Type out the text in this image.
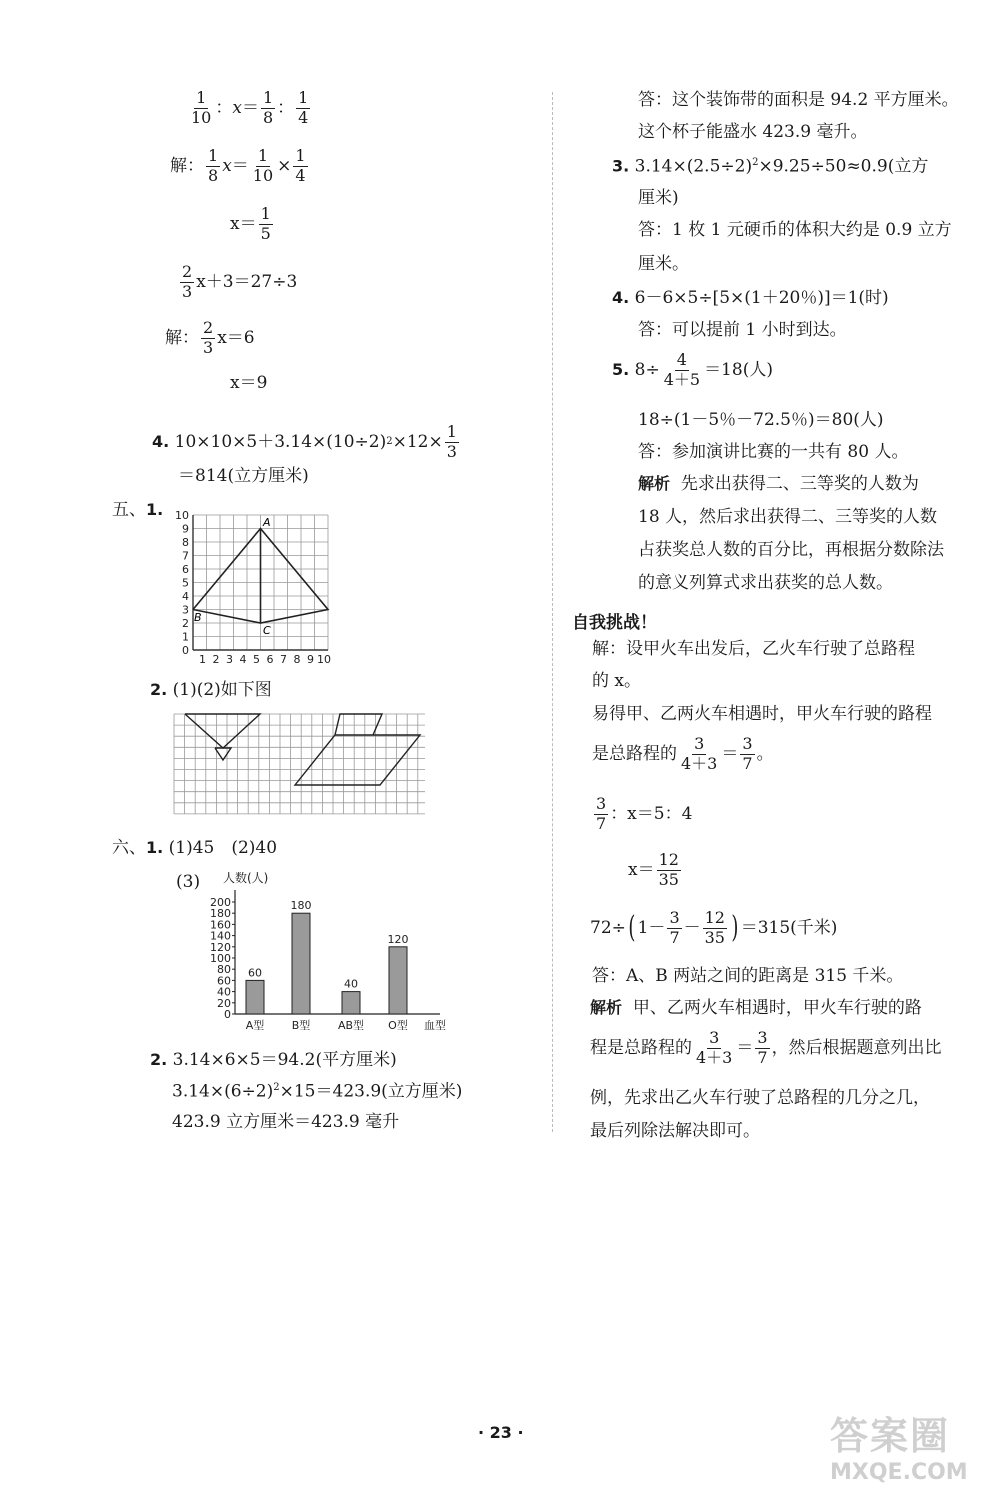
$\frac{1}{10}$ ： $x = \frac{1}{8}$ ： $\frac{1}{4}$
解： $\frac{1}{8}$ $x = \frac{1}{10} \times \frac{1}{4}$
$x= \frac{1}{5}$
$\frac{2}{3} x+3=27\div 3$
解： $\frac{2}{3} x=6$
x＝9
4.
10×10×5＋3.14×(10÷2) $2 \times 12\times \frac{1}{3}$
＝814(立方厘米)
五、1. 10
9
8
7
6
5
4
3
2
1
0
1 2 3 4 5 6 7 8 9 10
A
B
C
2. (1)(2)如下图
六、1. (1)45　(2)40
(3)
0
20
40
60
80
100
120
140
160
180
200
人数(人)
60
A型
180
B型
40
AB型
120
O型 血型
2. 3.14×6×5＝94.2(平方厘米)
$3.14\times(6\div 2)^2\times 15=423.9$(立方厘米)
423.9 立方厘米＝423.9 毫升
答：这个装饰带的面积是 94.2 平方厘米。
这个杯子能盛水 423.9 毫升。
3. $3.14\times(2.5\div 2)^2\times 9.25\div 50\approx 0.9$(立方
厘米)
答：1 枚 1 元硬币的体积大约是 0.9 立方
厘米。
4. 6－6×5÷[5×(1＋20％)]＝1(时)
答：可以提前 1 小时到达。
5.
$8\div \frac{4}{4+5} =18$(人)
18÷(1－5％－72.5％)＝80(人)
答：参加演讲比赛的一共有 80 人。
解析 先求出获得二、三等奖的人数为
18 人，然后求出获得二、三等奖的人数
占获奖总人数的百分比，再根据分数除法
的意义列算式求出获奖的总人数。
自我挑战！
解：设甲火车出发后，乙火车行驶了总路程
的 x。
易得甲、乙两火车相遇时，甲火车行驶的路程
是总路程的 $\frac{3}{4+3} = \frac{3}{7}$ 。
$\frac{3}{7}$ ：x＝5：4
$x= \frac{12}{35}$
72÷ ( $1- \frac{3}{7} - \frac{12}{35}$ ) ＝315(千米)
答：A、B 两站之间的距离是 315 千米。
解析 甲、乙两火车相遇时，甲火车行驶的路
程是总路程的 $\frac{3}{4+3} = \frac{3}{7}$ ，然后根据题意列出比
例，先求出乙火车行驶了总路程的几分之几，
最后列除法解决即可。
· 23 ·	答案圈
MXQE.COM
